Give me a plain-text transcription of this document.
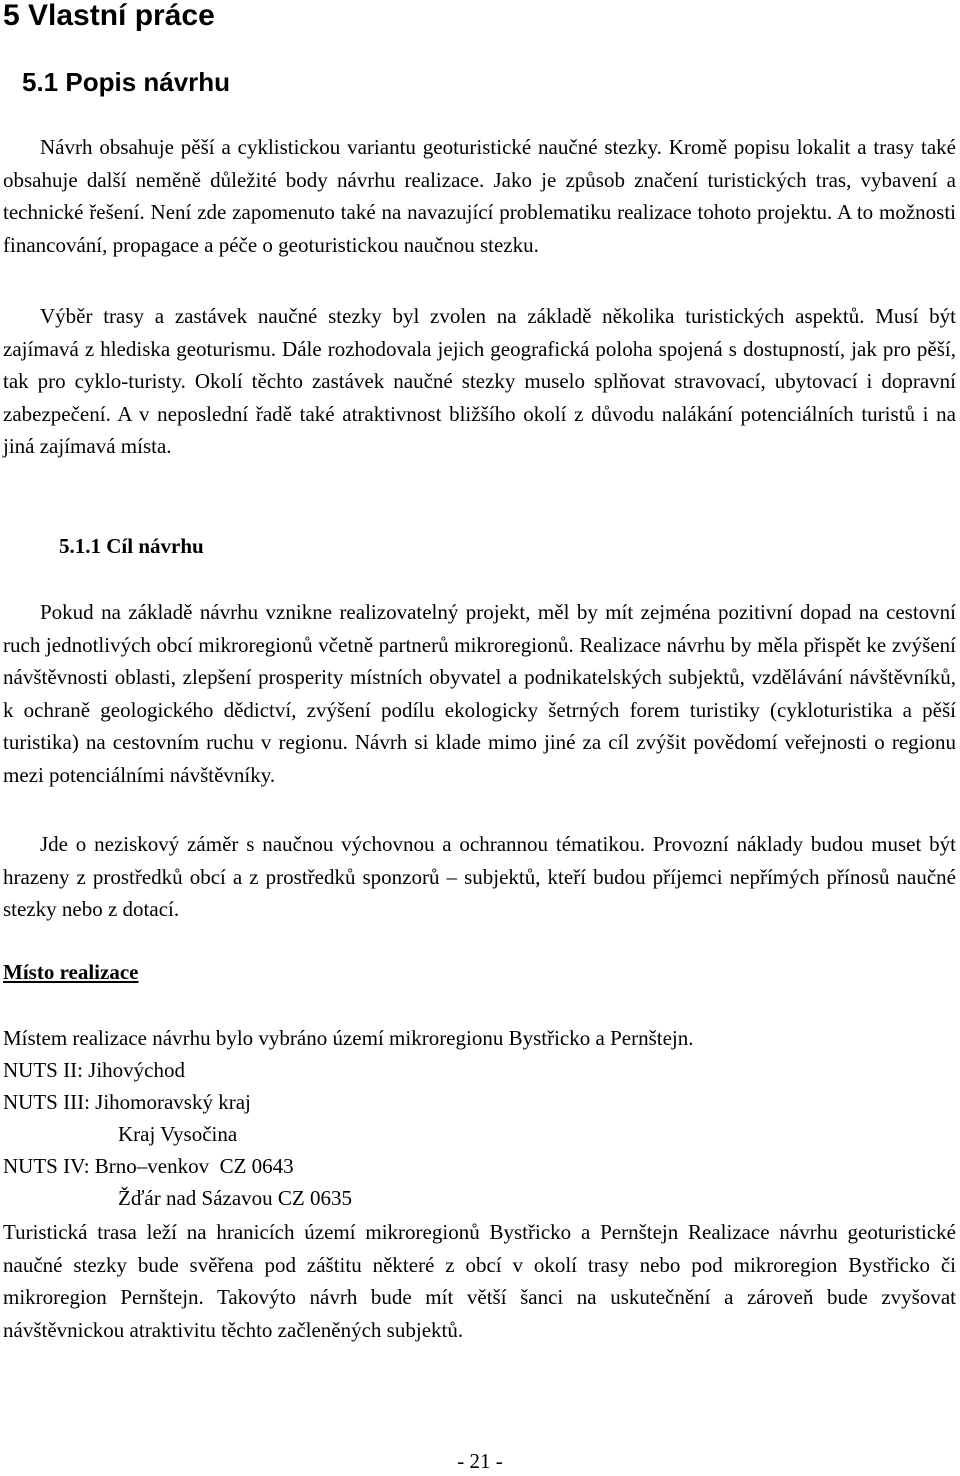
5 Vlastní práce
5.1 Popis návrhu

Návrh obsahuje pěší a cyklistickou variantu geoturistické naučné stezky. Kromě popisu lokalit a trasy také obsahuje další neměně důležité body návrhu realizace. Jako je způsob značení turistických tras, vybavení a technické řešení. Není zde zapomenuto také na navazující problematiku realizace tohoto projektu. A to možnosti financování, propagace a péče o geoturistickou naučnou stezku.

Výběr trasy a zastávek naučné stezky byl zvolen na základě několika turistických aspektů. Musí být zajímavá z hlediska geoturismu. Dále rozhodovala jejich geografická poloha spojená s dostupností, jak pro pěší, tak pro cyklo-turisty. Okolí těchto zastávek naučné stezky muselo splňovat stravovací, ubytovací i dopravní zabezpečení. A v neposlední řadě také atraktivnost bližšího okolí z důvodu nalákání potenciálních turistů i na jiná zajímavá místa.

5.1.1 Cíl návrhu

Pokud na základě návrhu vznikne realizovatelný projekt, měl by mít zejména pozitivní dopad na cestovní ruch jednotlivých obcí mikroregionů včetně partnerů mikroregionů. Realizace návrhu by měla přispět ke zvýšení návštěvnosti oblasti, zlepšení prosperity místních obyvatel a podnikatelských subjektů, vzdělávání návštěvníků, k ochraně geologického dědictví, zvýšení podílu ekologicky šetrných forem turistiky (cykloturistika a pěší turistika) na cestovním ruchu v regionu. Návrh si klade mimo jiné za cíl zvýšit povědomí veřejnosti o regionu mezi potenciálními návštěvníky.

Jde o neziskový záměr s naučnou výchovnou a ochrannou tématikou. Provozní náklady budou muset být hrazeny z prostředků obcí a z prostředků sponzorů – subjektů, kteří budou příjemci nepřímých přínosů naučné stezky nebo z dotací.

Místo realizace

Místem realizace návrhu bylo vybráno území mikroregionu Bystřicko a Pernštejn.

NUTS II: Jihovýchod

NUTS III: Jihomoravský kraj

Kraj Vysočina

NUTS IV: Brno–venkov  CZ 0643

Žďár nad Sázavou CZ 0635

Turistická trasa leží na hranicích území mikroregionů Bystřicko a Pernštejn Realizace návrhu geoturistické naučné stezky bude svěřena pod záštitu některé z obcí v okolí trasy nebo pod mikroregion Bystřicko či mikroregion Pernštejn. Takovýto návrh bude mít větší šanci na uskutečnění a zároveň bude zvyšovat návštěvnickou atraktivitu těchto začleněných subjektů.

- 21 -
